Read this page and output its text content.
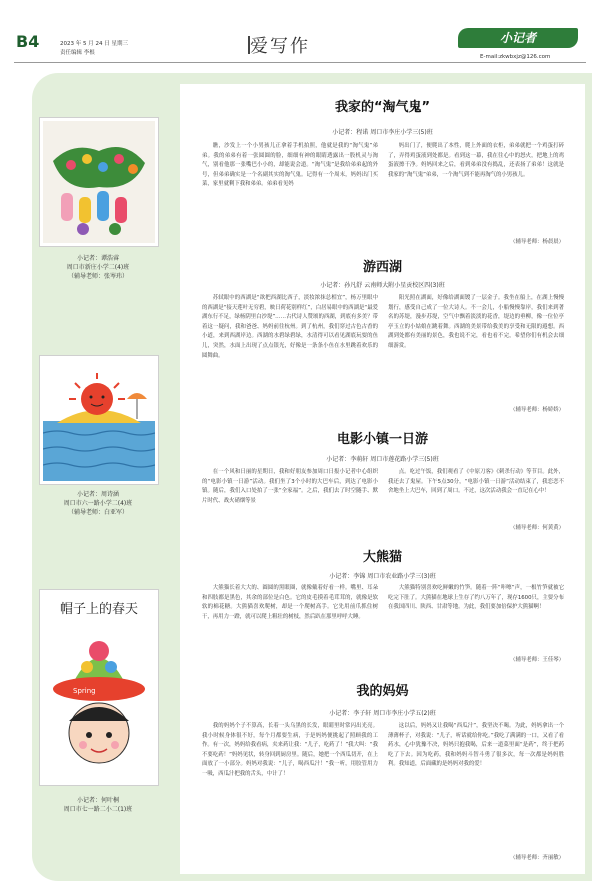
B4	2023 年 5 月 24 日 星期三
责任编辑 李根	爱写作	小记者
E-mail:zkwbxjz@126.com
小记者：谭浩睿
周口市新庄小学二(4)班
（辅导老师：张岑玮）
小记者：周诗涵
周口市六一路小学二(4)班
（辅导老师：白亚军）
帽子上的春天
Spring
小记者：何叶桐
周口市七一路二小二(1)班
我家的“淘气鬼”
小记者：程诺 周口市李庄小学三(5)班

瞧，沙发上一个小男孩儿正拿着手机拍照，他就是我的“淘气鬼”弟弟。我的弟弟有着一张圆圆的脸，细细有神的眼睛透露出一股机灵与淘气，别看他那一张嘴巴小小的，却能说会道。“淘气鬼”是我给弟弟起的外号，但弟弟确实是一个名副其实的淘气鬼。记得有一个周末，妈妈出门买菜，家里就剩下我和弟弟。弟弟看见妈

妈出门了，便爬出了本性，爬上外面的衣柜，弟弟就把一个鸡蛋打碎了，弄得鸡蛋液到处都是。看到这一幕，我在往心中的怒火，把地上的鸡蛋液擦干净。妈妈回来之后，看到弟弟没有捣乱，还表扬了弟弟！这就是我家的“淘气鬼”弟弟，一个淘气到不能再淘气的小男孩儿。

（辅导老师：杨晨晨）
游西湖
小记者：孙凡舒 云南师大附小星贡校区四(3)班

苏轼眼中的西湖是“欲把西湖比西子，淡妆浓抹总相宜”，杨万里眼中的西湖是“接天莲叶无穷碧，映日荷花别样红”，白居易眼中的西湖是“最爱湖东行不足，绿杨阴里白沙堤”……古代诗人赞颂的西湖，到底有多美？带着这一疑问，我和爸爸、妈妈前往杭州。到了杭州，我们穿过古色古香的小道，来到西湖岸边。西湖的水碧绿碧绿，水清得可以看见湖底玩耍的鱼儿，突然，水面上出现了点点银光，好像是一条条小鱼在水里跳着欢乐的圆舞曲。

阳光照在湖面，好像给湖面镀了一层金子。我坐在船上，在湖上慢慢划行，感受自己成了一位大诗人。不一会儿，小船慢慢靠岸，我们来到著名的苏堤，漫步苏堤，空气中飘着淡淡的花香，堤边的垂柳，像一位位亭亭玉立的小姑娘在跳着舞。西湖的美景带给我美的享受和无限的遐想。西湖到处都有美丽的景色，我也说不完，看也看不完，希望你们有机会去细细游赏。

（辅导老师：杨娇娇）
电影小镇一日游
小记者：李萌轩 周口市莲花路小学三(5)班

在一个风和日丽的星期日，我和好朋友参加周口日报小记者中心组织的“电影小镇一日游”活动。我们坐了3个小时的大巴车后，到达了电影小镇。随后，我们入口处拍了一张“全家福”。之后，我们去了时空隧手、默片时代、战火硝烟等景

点。吃过午饭，我们观看了《中原刀客》《刺杀行动》等节目。此外，我还去了鬼屋。下午5点30分，“电影小镇一日游”活动结束了，我恋恋不舍地坐上大巴车，回到了周口。不过，这次活动我会一直记在心中！

（辅导老师：何黄黄）
大熊猫
小记者：李锦 周口市农业路小学三(3)班

大熊猫长着大大的、圆圆的黑眼圈，就像戴着好看一样。嘴里、耳朵和四肢都是黑色，其余的部位是白色。它的皮毛摸着毛茸茸的，就像是软软的棉花糖。大熊猫喜欢爬树，却是一个爬树高手。它先用前爪抓住树干，再用力一蹬，就可以爬上粗壮的树枝，然后趴在那里呼呼大睡。

大熊猫特别喜欢吃鲜嫩的竹笋。随着一阵“咔嚓”声，一根竹笋就被它吃完下肚了。大熊猫在地球上生存了约八万年了，现存1600只，主要分布在我国四川、陕西、甘肃等地。为此，我们要加倍保护大熊猫啊！

（辅导老师：王佳琴）
我的妈妈
小记者：李子轩 周口市李庄小学五(2)班

我的妈妈个子不算高，长着一头乌黑的长发，眼睛里时常闪出光亮。我小时候身体很不好，每个月都要生病，于是妈妈便挑起了照顾我的工作。有一次，妈妈给我看病，夹来药让我：“儿子，吃药了！”我大叫：“我不要吃药！”妈妈见状，转身回到厨房里。随后，她把一个西瓜切开，在上面放了一小部分。妈妈对我说：“儿子，喝西瓜汁！”我一听，用胶管用力一吸，西瓜汁把我的舌头，中计了！

这以后，妈妈又让我喝“西瓜汁”，我坚决不喝。为此，妈妈拿出一个薄薄杯子，对我说：“儿子，听话就给你吃。”我吃了满满的一口，又看了看药水，心中犹豫不决，妈妈只抱我喝，后来一道菜里面“是药”，终于把药吃了下去。因为吃药，我和妈妈斗智斗勇了很多次，每一次都是妈妈胜利。我知道，后面藏的是妈妈对我的爱！

（辅导老师：齐丽敏）
